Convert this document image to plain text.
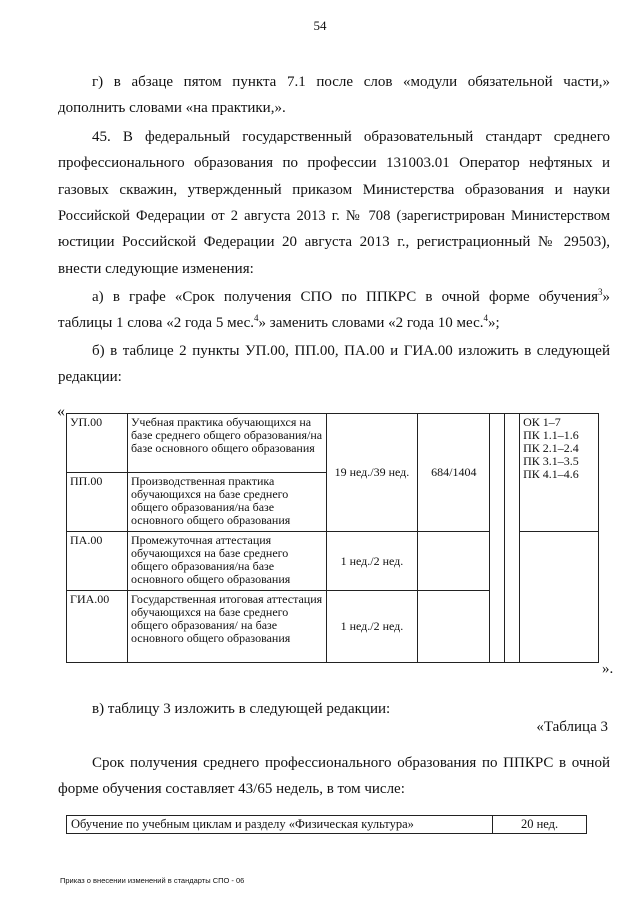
54
г) в абзаце пятом пункта 7.1 после слов «модули обязательной части,»
дополнить словами «на практики,».
45. В федеральный государственный образовательный стандарт среднего
профессионального образования по профессии 131003.01 Оператор нефтяных и
газовых скважин, утвержденный приказом Министерства образования и науки
Российской Федерации от 2 августа 2013 г. № 708 (зарегистрирован Министерством
юстиции Российской Федерации 20 августа 2013 г., регистрационный № 29503),
внести следующие изменения:
а) в графе «Срок получения СПО по ППКРС в очной форме обучения$^3$»
таблицы 1 слова «2 года 5 мес.$^4$» заменить словами «2 года 10 мес.$^4$»;
б) в таблице 2 пункты УП.00, ПП.00, ПА.00 и ГИА.00 изложить в следующей
редакции:
«
УП.00	Учебная практика обучающихся на базе среднего общего образования/на базе основного общего образования	19 нед./39 нед.	684/1404			ОК 1–7
ПК 1.1–1.6
ПК 2.1–2.4
ПК 3.1–3.5
ПК 4.1–4.6

ПП.00	Производственная практика обучающихся на базе среднего общего образования/на базе основного общего образования					
ПА.00	Промежуточная аттестация обучающихся на базе среднего общего образования/на базе основного общего образования	1 нед./2 нед.				
ГИА.00	Государственная итоговая аттестация обучающихся на базе среднего общего образования/ на базе основного общего образования	1 нед./2 нед.				
».
в) таблицу 3 изложить в следующей редакции:
«Таблица 3
Срок получения среднего профессионального образования по ППКРС в очной
форме обучения составляет 43/65 недель, в том числе:
Обучение по учебным циклам и разделу «Физическая культура»	20 нед.
Приказ о внесении изменений в стандарты СПО - 06
